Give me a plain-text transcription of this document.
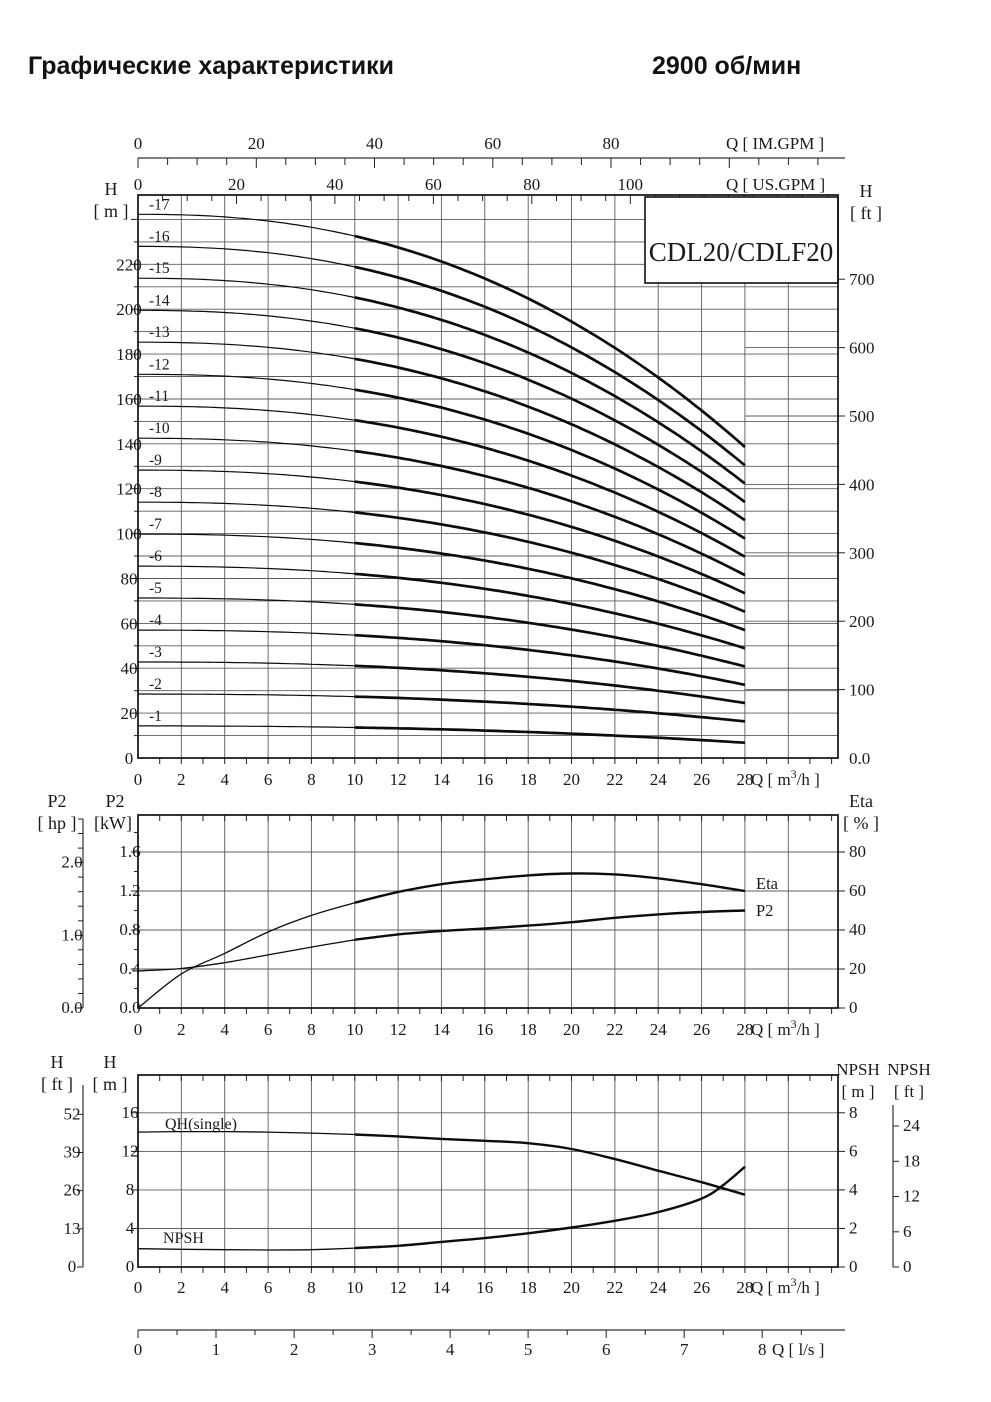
Графические характеристики	2900 об/мин
0	20	40	60	80	Q [ IM.GPM ]
0	20	40	60	80	100	Q [ US.GPM ]
0
20
40
60
80
100
120
140
160
180
200
220
0.0
100
200
300
400
500
600
700
-1
-2
-3
-4
-5
-6
-7
-8
-9
-10
-11
-12
-13
-14
-15
-16
-17
CDL20/CDLF20
H
[ m ]
H
[ ft ]
0 2 4 6 8 10 12 14 16 18 20 22 24 26 28
Q [ $m^3/h$ ]
0.0
0.4
0.8
1.2
1.6
0.0
1.0
2.0
0
20
40
60
80
Eta
P2
P2
[ hp ]
P2
[kW]
Eta
[ % ]
0 2 4 6 8 10 12 14 16 18 20 22 24 26 28
Q [ $m^3/h$ ]
0
4
8
12
16
0
13
26
39
52
0
2
4
6
8
0
6
12
18
24
QH(single)
NPSH
H
[ ft ]
H
[ m ]
NPSH
[ m ]
NPSH
[ ft ]
0 2 4 6 8 10 12 14 16 18 20 22 24 26 28
Q [ $m^3/h$ ]
0	1	2	3	4	5	6	7	8 Q [ l/s ]
